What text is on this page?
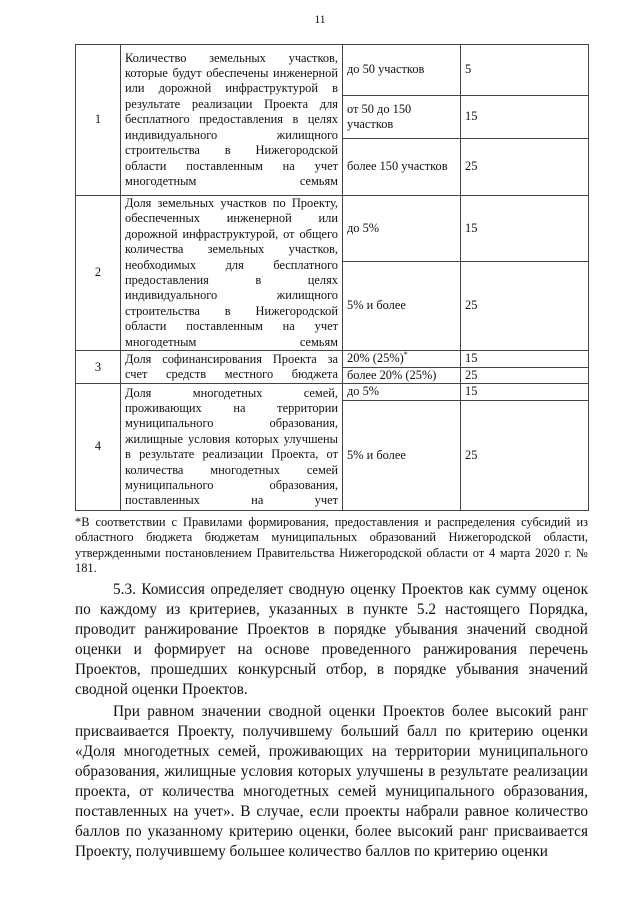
11
1	Количество земельных участков, которые будут обеспечены инженерной или дорожной инфраструктурой в результате реализации Проекта для бесплатного предоставления в целях индивидуального жилищного строительства в Нижегородской области поставленным на учет многодетным семьям	до 50 участков	5
		от 50 до 150 участков	15
		более 150 участков	25
2	Доля земельных участков по Проекту, обеспеченных инженерной или дорожной инфраструктурой, от общего количества земельных участков, необходимых для бесплатного предоставления в целях индивидуального жилищного строительства в Нижегородской области поставленным на учет многодетным семьям	до 5%	15
		5% и более	25
3	Доля софинансирования Проекта за счет средств местного бюджета	20% (25%)*	15
		более 20% (25%)	25
4	Доля многодетных семей, проживающих на территории муниципального образования, жилищные условия которых улучшены в результате реализации Проекта, от количества многодетных семей муниципального образования, поставленных на учет	до 5%	15
		5% и более	25
*В соответствии с Правилами формирования, предоставления и распределения субсидий из областного бюджета бюджетам муниципальных образований Нижегородской области, утвержденными постановлением Правительства Нижегородской области от 4 марта 2020 г. № 181.

5.3. Комиссия определяет сводную оценку Проектов как сумму оценок по каждому из критериев, указанных в пункте 5.2 настоящего Порядка, проводит ранжирование Проектов в порядке убывания значений сводной оценки и формирует на основе проведенного ранжирования перечень Проектов, прошедших конкурсный отбор, в порядке убывания значений сводной оценки Проектов.

При равном значении сводной оценки Проектов более высокий ранг присваивается Проекту, получившему больший балл по критерию оценки «Доля многодетных семей, проживающих на территории муниципального образования, жилищные условия которых улучшены в результате реализации проекта, от количества многодетных семей муниципального образования, поставленных на учет». В случае, если проекты набрали равное количество баллов по указанному критерию оценки, более высокий ранг присваивается Проекту, получившему большее количество баллов по критерию оценки
